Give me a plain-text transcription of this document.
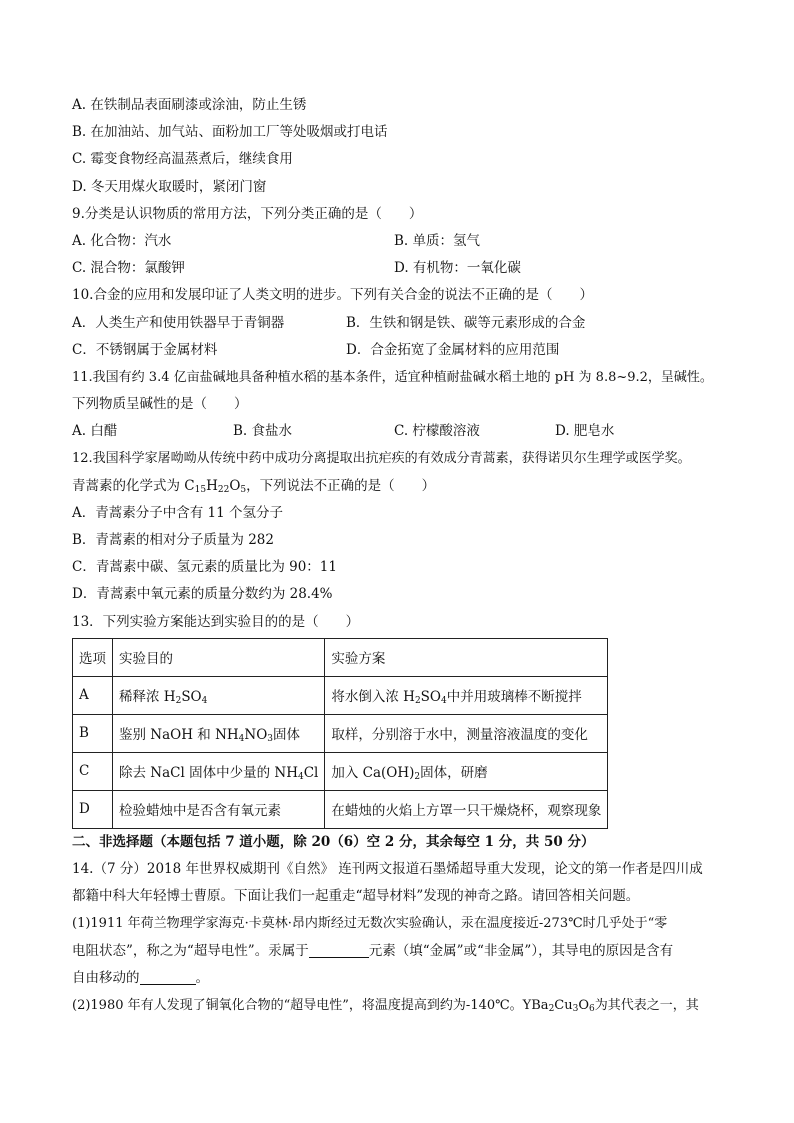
A. 在铁制品表面刷漆或涂油，防止生锈
B. 在加油站、加气站、面粉加工厂等处吸烟或打电话
C. 霉变食物经高温蒸煮后，继续食用
D. 冬天用煤火取暖时，紧闭门窗
9.分类是认识物质的常用方法，下列分类正确的是（　　）
A. 化合物：汽水	B. 单质：氢气
C. 混合物：氯酸钾	D. 有机物：一氧化碳
10.合金的应用和发展印证了人类文明的进步。下列有关合金的说法不正确的是（　　）
A．人类生产和使用铁器早于青铜器	B．生铁和钢是铁、碳等元素形成的合金
C．不锈钢属于金属材料	D．合金拓宽了金属材料的应用范围
11.我国有约 3.4 亿亩盐碱地具备种植水稻的基本条件，适宜种植耐盐碱水稻土地的 pH 为 8.8~9.2，呈碱性。
下列物质呈碱性的是（　　）
A. 白醋	B. 食盐水	C. 柠檬酸溶液	D. 肥皂水
12.我国科学家屠呦呦从传统中药中成功分离提取出抗疟疾的有效成分青蒿素，获得诺贝尔生理学或医学奖。
青蒿素的化学式为 $C_{15}H_{22}O_5$，下列说法不正确的是（　　）
A．青蒿素分子中含有 11 个氢分子
B．青蒿素的相对分子质量为 282
C．青蒿素中碳、氢元素的质量比为 90：11
D．青蒿素中氧元素的质量分数约为 28.4%
13．下列实验方案能达到实验目的的是（　　）
选项	实验目的	实验方案
A	稀释浓 $H_2SO_4$	将水倒入浓 $H_2SO_4$中并用玻璃棒不断搅拌
B	鉴别 NaOH 和 $NH_4NO_3$固体	取样，分别溶于水中，测量溶液温度的变化
C	除去 NaCl 固体中少量的 $NH_4Cl$	加入 $Ca(OH)_2$固体，研磨
D	检验蜡烛中是否含有氧元素	在蜡烛的火焰上方罩一只干燥烧杯，观察现象
二、非选择题（本题包括 7 道小题，除 20（6）空 2 分，其余每空 1 分，共 50 分）
14.（7 分）2018 年世界权威期刊《自然》 连刊两文报道石墨烯超导重大发现，论文的第一作者是四川成
都籍中科大年轻博士曹原。下面让我们一起重走“超导材料”发现的神奇之路。请回答相关问题。
(1)1911 年荷兰物理学家海克·卡莫林·昂内斯经过无数次实验确认，汞在温度接近-273℃时几乎处于“零
电阻状态”，称之为“超导电性”。汞属于	元素（填“金属”或“非金属”），其导电的原因是含有
自由移动的	。
(2)1980 年有人发现了铜氧化合物的“超导电性”，将温度提高到约为-140℃。$YBa_2Cu_3O_6$为其代表之一，其
